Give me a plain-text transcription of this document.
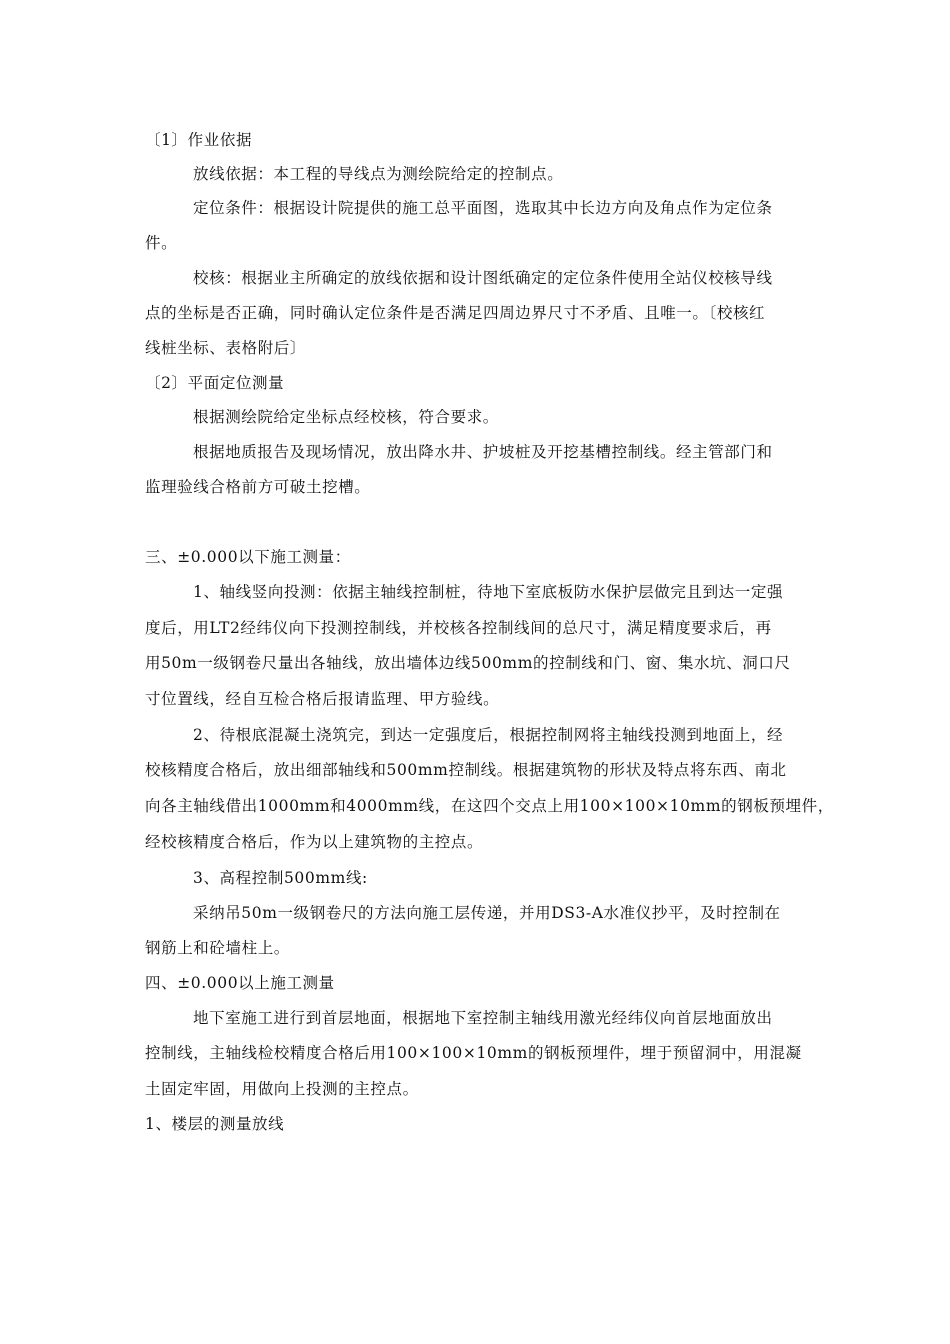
〔1〕作业依据
放线依据：本工程的导线点为测绘院给定的控制点。
定位条件：根据设计院提供的施工总平面图，选取其中长边方向及角点作为定位条
件。
校核：根据业主所确定的放线依据和设计图纸确定的定位条件使用全站仪校核导线
点的坐标是否正确，同时确认定位条件是否满足四周边界尺寸不矛盾、且唯一。〔校核红
线桩坐标、表格附后〕
〔2〕平面定位测量
根据测绘院给定坐标点经校核，符合要求。
根据地质报告及现场情况，放出降水井、护坡桩及开挖基槽控制线。经主管部门和
监理验线合格前方可破土挖槽。
三、±0.000以下施工测量：
1、轴线竖向投测：依据主轴线控制桩，待地下室底板防水保护层做完且到达一定强
度后，用LT2经纬仪向下投测控制线，并校核各控制线间的总尺寸，满足精度要求后，再
用50m一级钢卷尺量出各轴线，放出墙体边线500mm的控制线和门、窗、集水坑、洞口尺
寸位置线，经自互检合格后报请监理、甲方验线。
2、待根底混凝土浇筑完，到达一定强度后，根据控制网将主轴线投测到地面上，经
校核精度合格后，放出细部轴线和500mm控制线。根据建筑物的形状及特点将东西、南北
向各主轴线借出1000mm和4000mm线，在这四个交点上用100×100×10mm的钢板预埋件，
经校核精度合格后，作为以上建筑物的主控点。
3、高程控制500mm线:
采纳吊50m一级钢卷尺的方法向施工层传递，并用DS3-A水准仪抄平，及时控制在
钢筋上和砼墙柱上。
四、±0.000以上施工测量
地下室施工进行到首层地面，根据地下室控制主轴线用激光经纬仪向首层地面放出
控制线，主轴线检校精度合格后用100×100×10mm的钢板预埋件，埋于预留洞中，用混凝
土固定牢固，用做向上投测的主控点。
1、楼层的测量放线
